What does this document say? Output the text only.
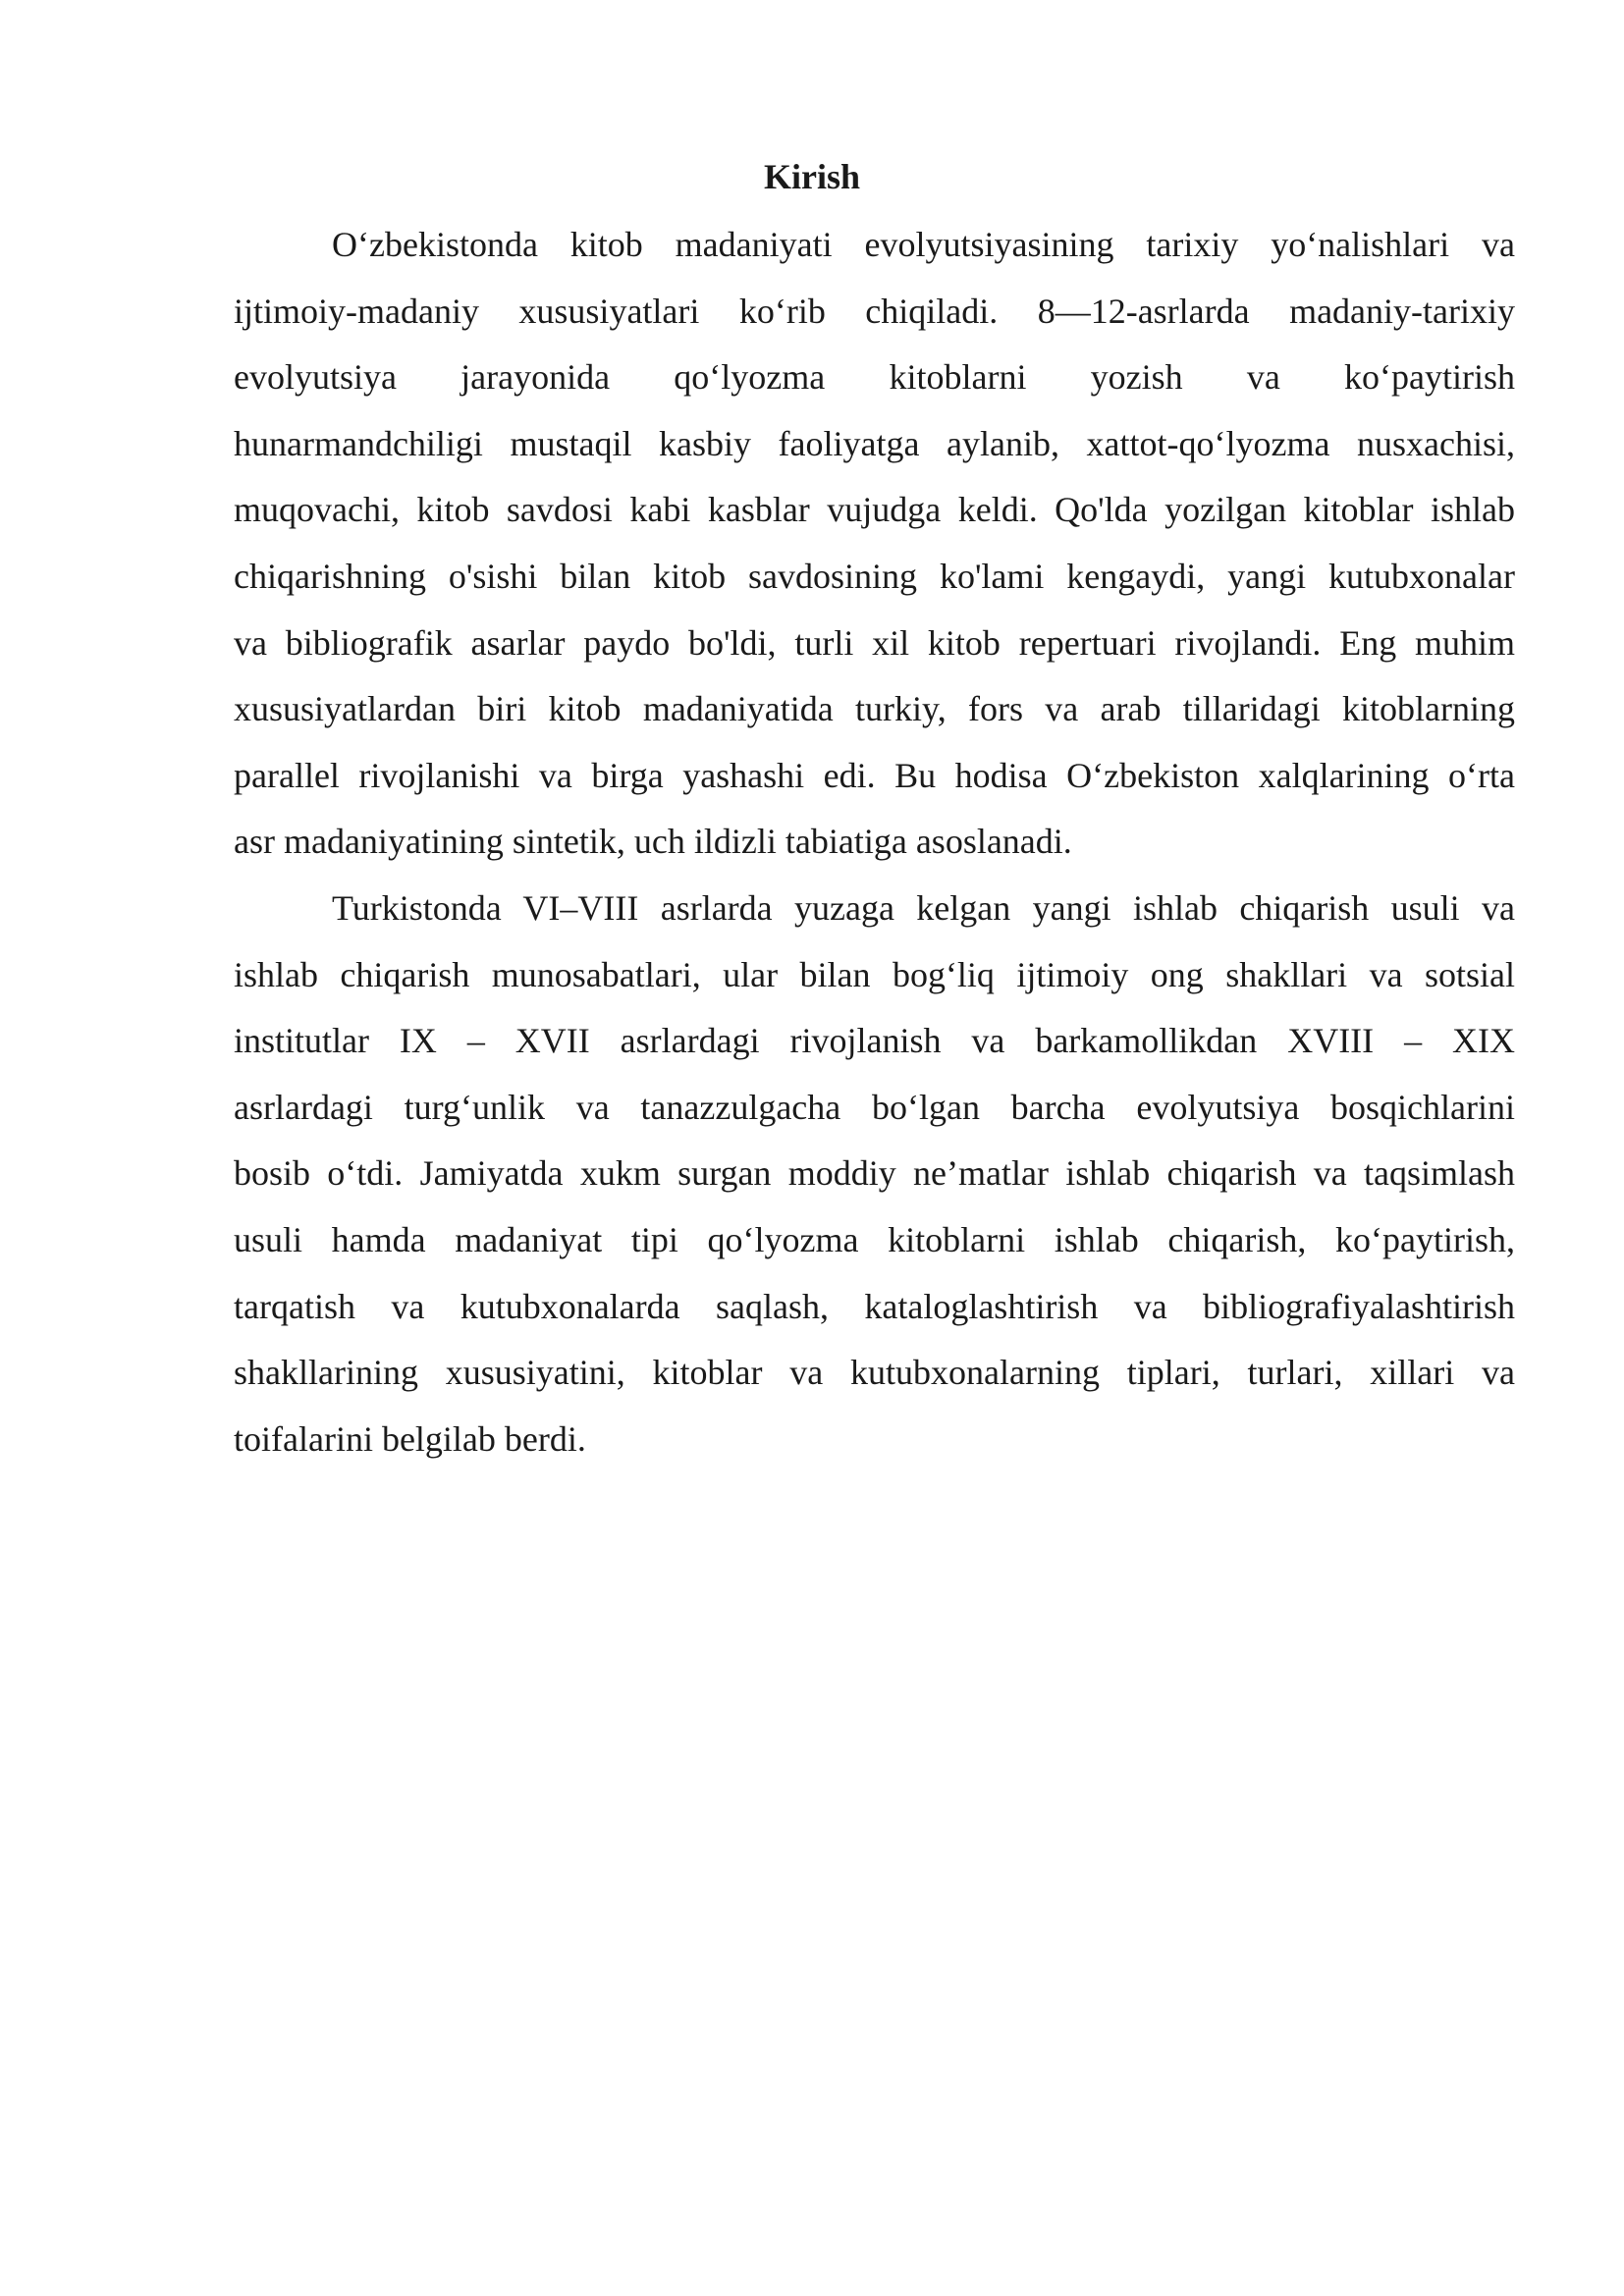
Kirish
O‘zbekistonda kitob madaniyati evolyutsiyasining tarixiy yo‘nalishlari va
ijtimoiy-madaniy xususiyatlari ko‘rib chiqiladi. 8—12-asrlarda madaniy-tarixiy
evolyutsiya jarayonida qo‘lyozma kitoblarni yozish va ko‘paytirish
hunarmandchiligi mustaqil kasbiy faoliyatga aylanib, xattot-qo‘lyozma nusxachisi,
muqovachi, kitob savdosi kabi kasblar vujudga keldi. Qo'lda yozilgan kitoblar ishlab
chiqarishning o'sishi bilan kitob savdosining ko'lami kengaydi, yangi kutubxonalar
va bibliografik asarlar paydo bo'ldi, turli xil kitob repertuari rivojlandi. Eng muhim
xususiyatlardan biri kitob madaniyatida turkiy, fors va arab tillaridagi kitoblarning
parallel rivojlanishi va birga yashashi edi. Bu hodisa O‘zbekiston xalqlarining o‘rta
asr madaniyatining sintetik, uch ildizli tabiatiga asoslanadi.
Turkistonda VI–VIII asrlarda yuzaga kelgan yangi ishlab chiqarish usuli va
ishlab chiqarish munosabatlari, ular bilan bog‘liq ijtimoiy ong shakllari va sotsial
institutlar IX – XVII asrlardagi rivojlanish va barkamollikdan XVIII – XIX
asrlardagi turg‘unlik va tanazzulgacha bo‘lgan barcha evolyutsiya bosqichlarini
bosib o‘tdi. Jamiyatda xukm surgan moddiy ne’matlar ishlab chiqarish va taqsimlash
usuli hamda madaniyat tipi qo‘lyozma kitoblarni ishlab chiqarish, ko‘paytirish,
tarqatish va kutubxonalarda saqlash, kataloglashtirish va bibliografiyalashtirish
shakllarining xususiyatini, kitoblar va kutubxonalarning tiplari, turlari, xillari va
toifalarini belgilab berdi.
